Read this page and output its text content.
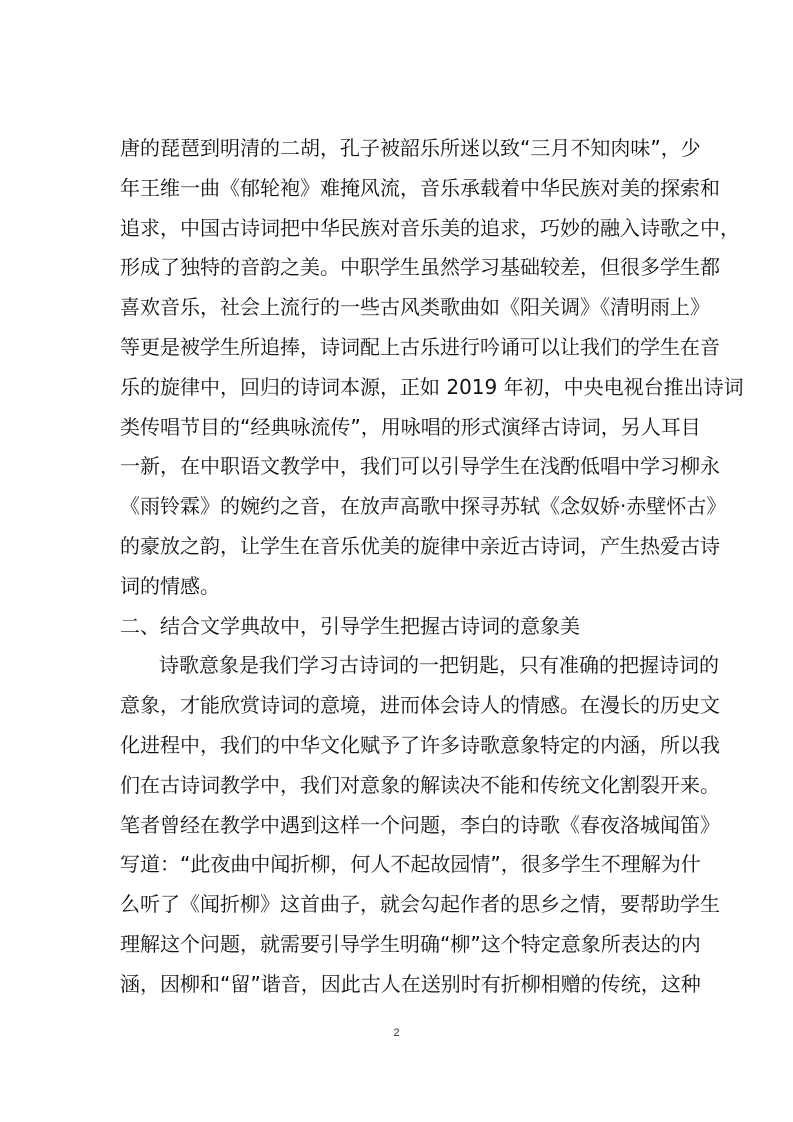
唐的琵琶到明清的二胡，孔子被韶乐所迷以致“三月不知肉味”，少
年王维一曲《郁轮袍》难掩风流，音乐承载着中华民族对美的探索和
追求，中国古诗词把中华民族对音乐美的追求，巧妙的融入诗歌之中，
形成了独特的音韵之美。中职学生虽然学习基础较差，但很多学生都
喜欢音乐，社会上流行的一些古风类歌曲如《阳关调》《清明雨上》
等更是被学生所追捧，诗词配上古乐进行吟诵可以让我们的学生在音
乐的旋律中，回归的诗词本源，正如 2019 年初，中央电视台推出诗词
类传唱节目的“经典咏流传”，用咏唱的形式演绎古诗词，另人耳目
一新，在中职语文教学中，我们可以引导学生在浅酌低唱中学习柳永
《雨铃霖》的婉约之音，在放声高歌中探寻苏轼《念奴娇·赤壁怀古》
的豪放之韵，让学生在音乐优美的旋律中亲近古诗词，产生热爱古诗
词的情感。
二、结合文学典故中，引导学生把握古诗词的意象美
诗歌意象是我们学习古诗词的一把钥匙，只有准确的把握诗词的
意象，才能欣赏诗词的意境，进而体会诗人的情感。在漫长的历史文
化进程中，我们的中华文化赋予了许多诗歌意象特定的内涵，所以我
们在古诗词教学中，我们对意象的解读决不能和传统文化割裂开来。
笔者曾经在教学中遇到这样一个问题，李白的诗歌《春夜洛城闻笛》
写道：“此夜曲中闻折柳，何人不起故园情”，很多学生不理解为什
么听了《闻折柳》这首曲子，就会勾起作者的思乡之情，要帮助学生
理解这个问题，就需要引导学生明确“柳”这个特定意象所表达的内
涵，因柳和“留”谐音，因此古人在送别时有折柳相赠的传统，这种
2
